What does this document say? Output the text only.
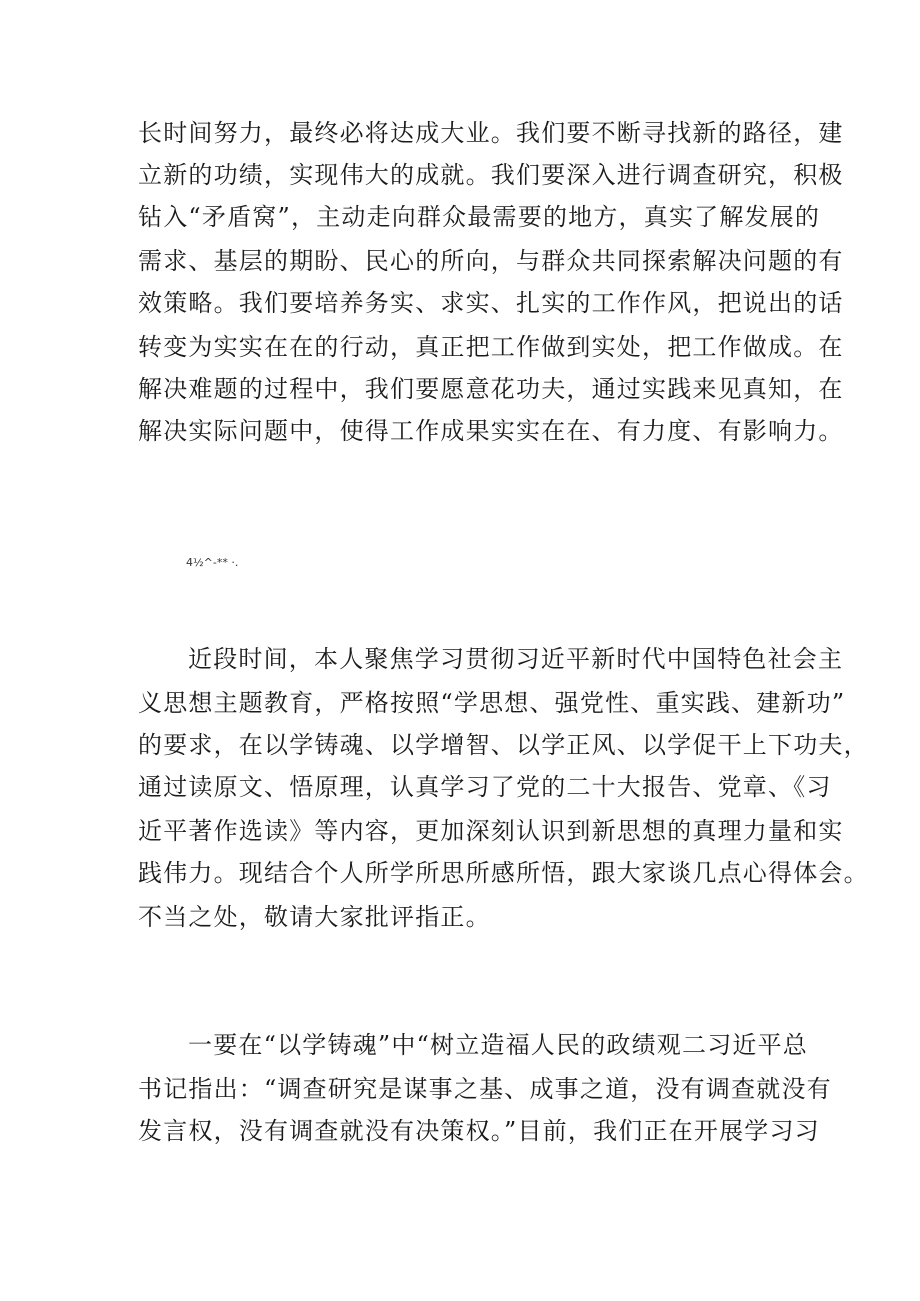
长时间努力，最终必将达成大业。我们要不断寻找新的路径，建
立新的功绩，实现伟大的成就。我们要深入进行调查研究，积极
钻入“矛盾窝”，主动走向群众最需要的地方，真实了解发展的
需求、基层的期盼、民心的所向，与群众共同探索解决问题的有
效策略。我们要培养务实、求实、扎实的工作作风，把说出的话
转变为实实在在的行动，真正把工作做到实处，把工作做成。在
解决难题的过程中，我们要愿意花功夫，通过实践来见真知，在
解决实际问题中，使得工作成果实实在在、有力度、有影响力。
4½^-** ·.
近段时间，本人聚焦学习贯彻习近平新时代中国特色社会主
义思想主题教育，严格按照“学思想、强党性、重实践、建新功”
的要求，在以学铸魂、以学增智、以学正风、以学促干上下功夫，
通过读原文、悟原理，认真学习了党的二十大报告、党章、《习
近平著作选读》等内容，更加深刻认识到新思想的真理力量和实
践伟力。现结合个人所学所思所感所悟，跟大家谈几点心得体会。
不当之处，敬请大家批评指正。
一要在“以学铸魂”中“树立造福人民的政绩观二习近平总
书记指出：“调查研究是谋事之基、成事之道，没有调查就没有
发言权，没有调查就没有决策权。”目前，我们正在开展学习习
